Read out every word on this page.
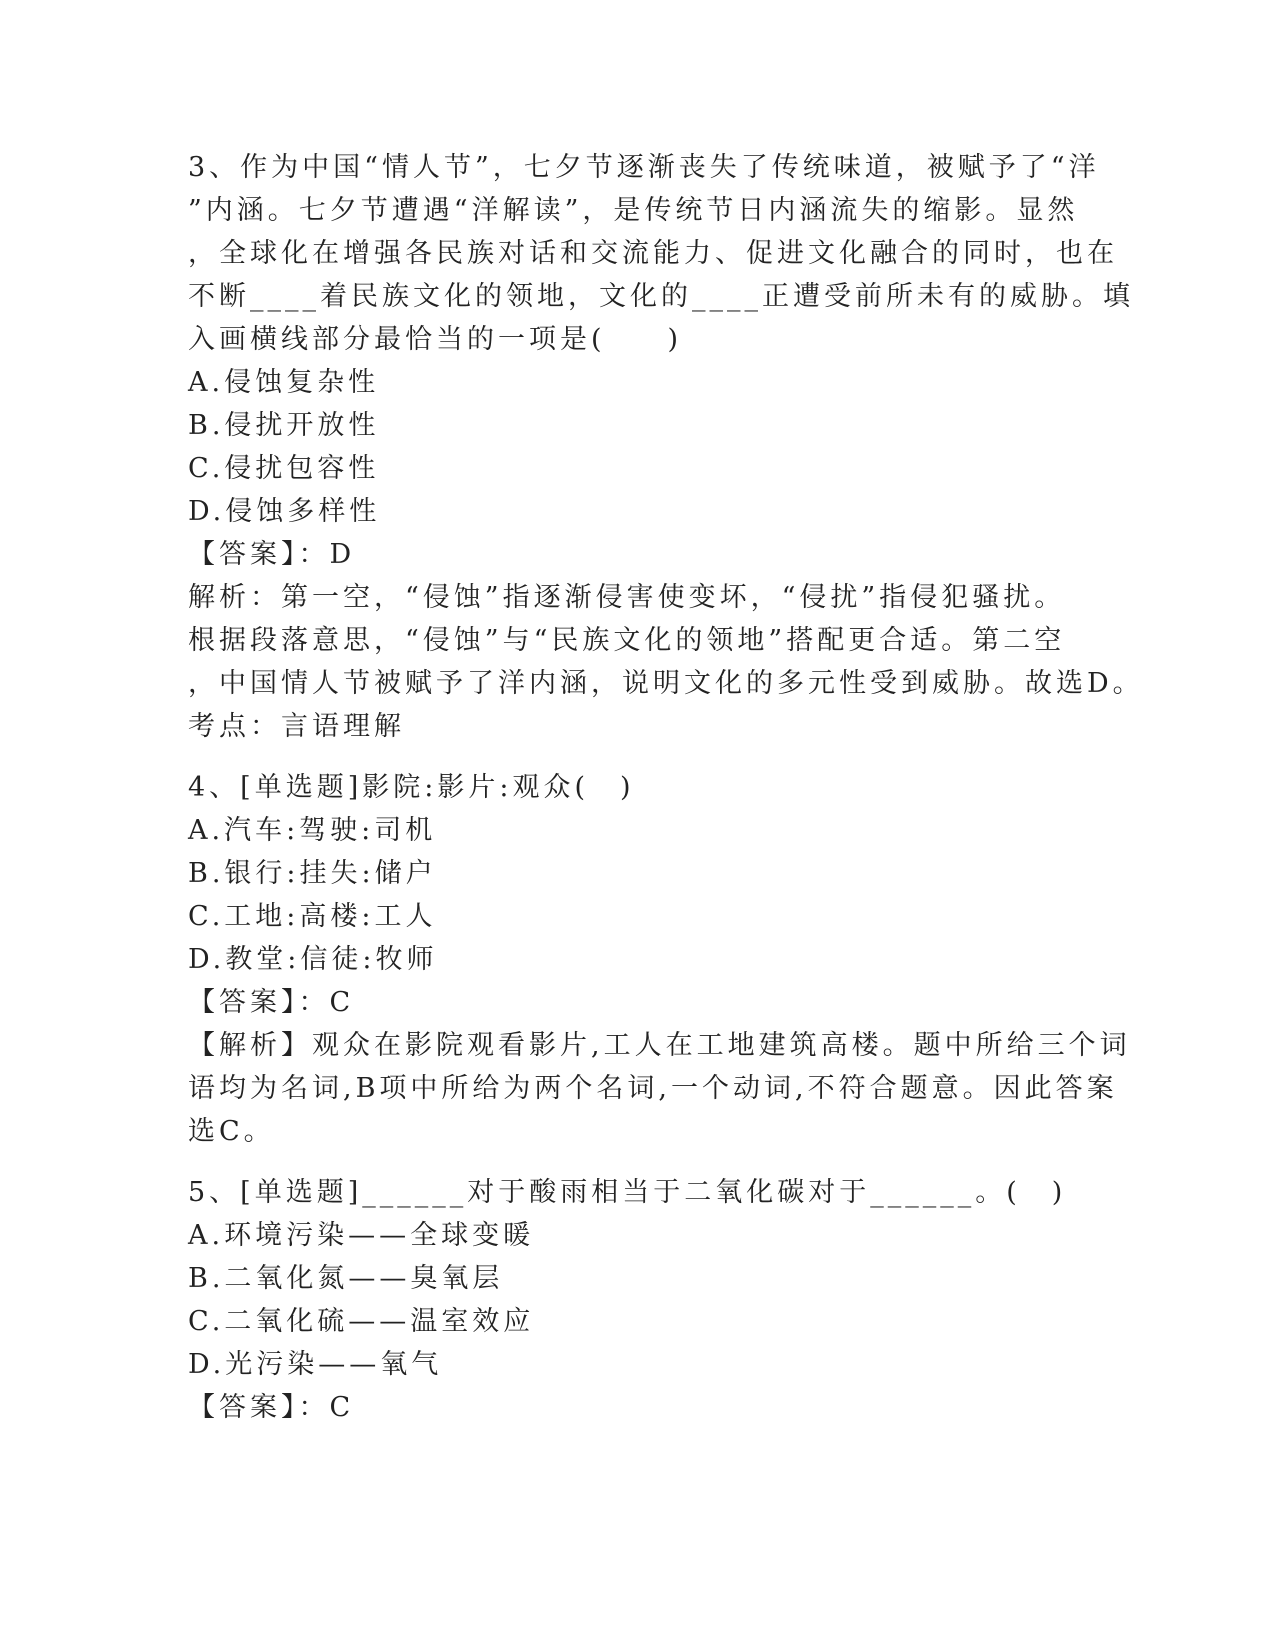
3、作为中国“情人节”，七夕节逐渐丧失了传统味道，被赋予了“洋
”内涵。七夕节遭遇“洋解读”，是传统节日内涵流失的缩影。显然
，全球化在增强各民族对话和交流能力、促进文化融合的同时，也在
不断____着民族文化的领地，文化的____正遭受前所未有的威胁。填
入画横线部分最恰当的一项是(　　)
A.侵蚀复杂性
B.侵扰开放性
C.侵扰包容性
D.侵蚀多样性
【答案】：D
解析：第一空，“侵蚀”指逐渐侵害使变坏，“侵扰”指侵犯骚扰。
根据段落意思，“侵蚀”与“民族文化的领地”搭配更合适。第二空
，中国情人节被赋予了洋内涵，说明文化的多元性受到威胁。故选D。
考点：言语理解
4、[单选题]影院:影片:观众(　)
A.汽车:驾驶:司机
B.银行:挂失:储户
C.工地:高楼:工人
D.教堂:信徒:牧师
【答案】：C
【解析】观众在影院观看影片,工人在工地建筑高楼。题中所给三个词
语均为名词,B项中所给为两个名词,一个动词,不符合题意。因此答案
选C。
5、[单选题]______对于酸雨相当于二氧化碳对于______。(　)
A.环境污染——全球变暖
B.二氧化氮——臭氧层
C.二氧化硫——温室效应
D.光污染——氧气
【答案】：C
